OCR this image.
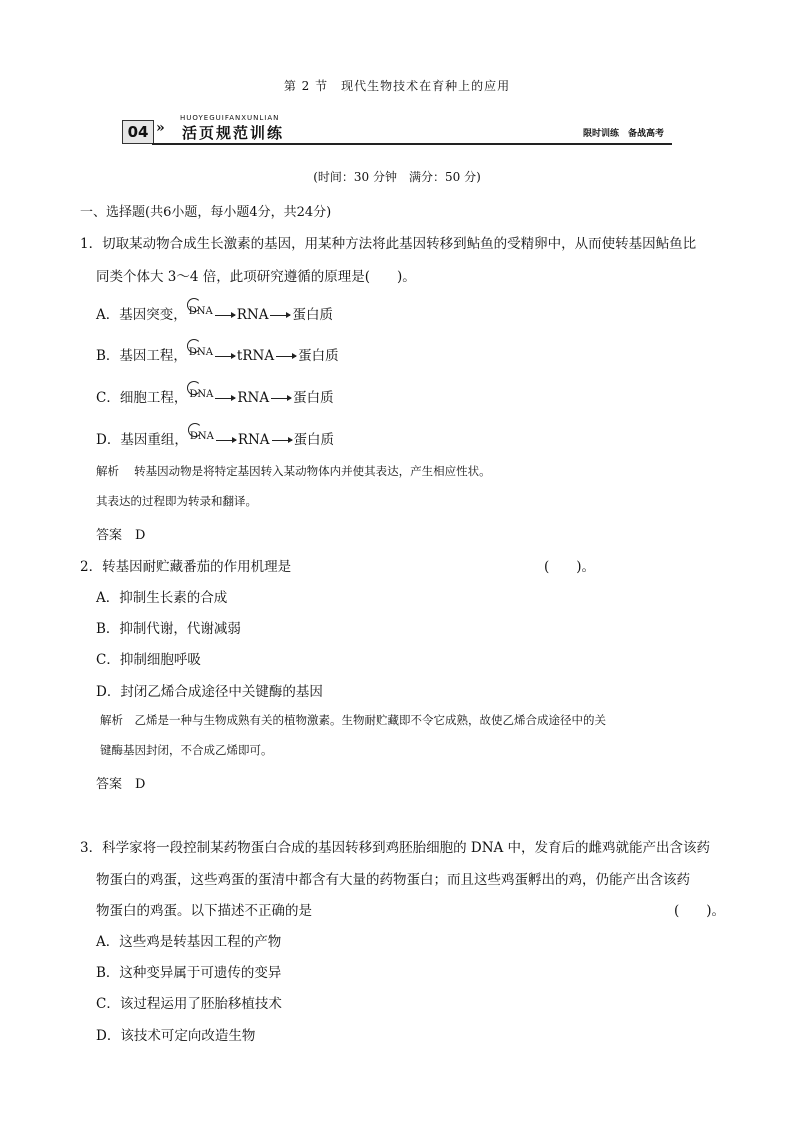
第 2 节　现代生物技术在育种上的应用
HUOYEGUIFANXUNLIAN
04 » 活页规范训练	限时训练　备战高考
(时间：30 分钟　满分：50 分)
一、选择题(共6小题，每小题4分，共24分)
1．切取某动物合成生长激素的基因，用某种方法将此基因转移到鲇鱼的受精卵中，从而使转基因鲇鱼比
同类个体大 3～4 倍，此项研究遵循的原理是(　　)。
A．基因突变， $^{DNA}$ RNA 蛋白质
B．基因工程， $^{DNA}$ tRNA 蛋白质
C．细胞工程， $^{DNA}$ RNA 蛋白质
D．基因重组， $^{DNA}$ RNA 蛋白质
解析　 转基因动物是将特定基因转入某动物体内并使其表达，产生相应性状。
其表达的过程即为转录和翻译。
答案　D
2．转基因耐贮藏番茄的作用机理是	(　　)。
A．抑制生长素的合成
B．抑制代谢，代谢减弱
C．抑制细胞呼吸
D．封闭乙烯合成途径中关键酶的基因
解析　乙烯是一种与生物成熟有关的植物激素。生物耐贮藏即不令它成熟，故使乙烯合成途径中的关
键酶基因封闭，不合成乙烯即可。
答案　D
3．科学家将一段控制某药物蛋白合成的基因转移到鸡胚胎细胞的 DNA 中，发育后的雌鸡就能产出含该药
物蛋白的鸡蛋，这些鸡蛋的蛋清中都含有大量的药物蛋白；而且这些鸡蛋孵出的鸡，仍能产出含该药
物蛋白的鸡蛋。以下描述不正确的是	(　　)。
A．这些鸡是转基因工程的产物
B．这种变异属于可遗传的变异
C．该过程运用了胚胎移植技术
D．该技术可定向改造生物
